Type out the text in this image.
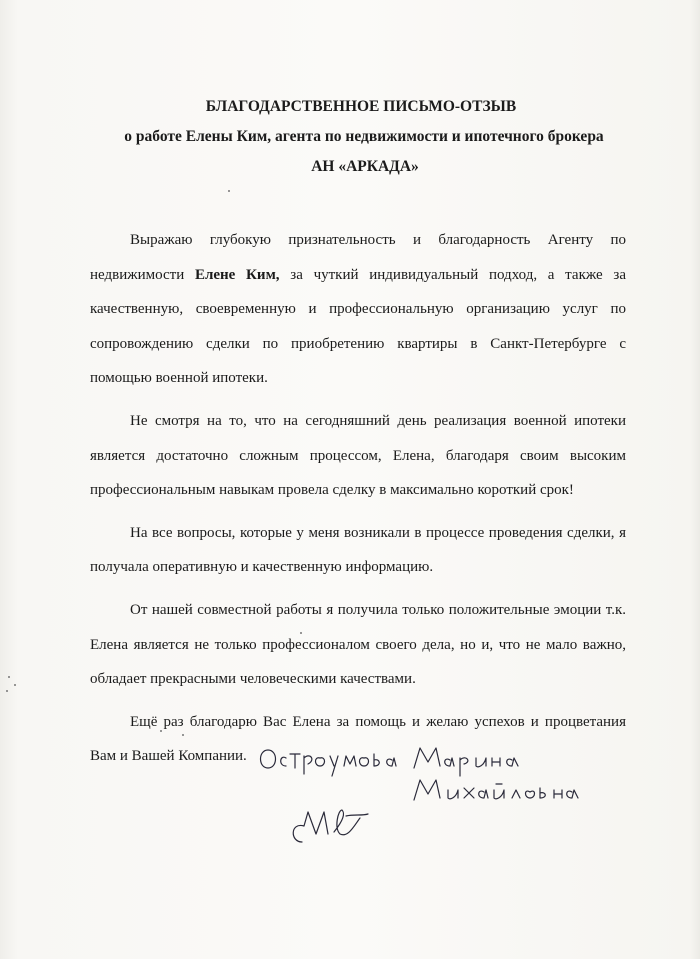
БЛАГОДАРСТВЕННОЕ ПИСЬМО-ОТЗЫВ
о работе Елены Ким, агента по недвижимости и ипотечного брокера
АН «АРКАДА»

Выражаю глубокую признательность и благодарность Агенту по недвижимости Елене Ким, за чуткий индивидуальный подход, а также за качественную, своевременную и профессиональную организацию услуг по сопровождению сделки по приобретению квартиры в Санкт-Петербурге с помощью военной ипотеки.

Не смотря на то, что на сегодняшний день реализация военной ипотеки является достаточно сложным процессом, Елена, благодаря своим высоким профессиональным навыкам провела сделку в максимально короткий срок!

На все вопросы, которые у меня возникали в процессе проведения сделки, я получала оперативную и качественную информацию.

От нашей совместной работы я получила только положительные эмоции т.к. Елена является не только профессионалом своего дела, но и, что не мало важно, обладает прекрасными человеческими качествами.

Ещё раз благодарю Вас Елена за помощь и желаю успехов и процветания Вам и Вашей Компании.
